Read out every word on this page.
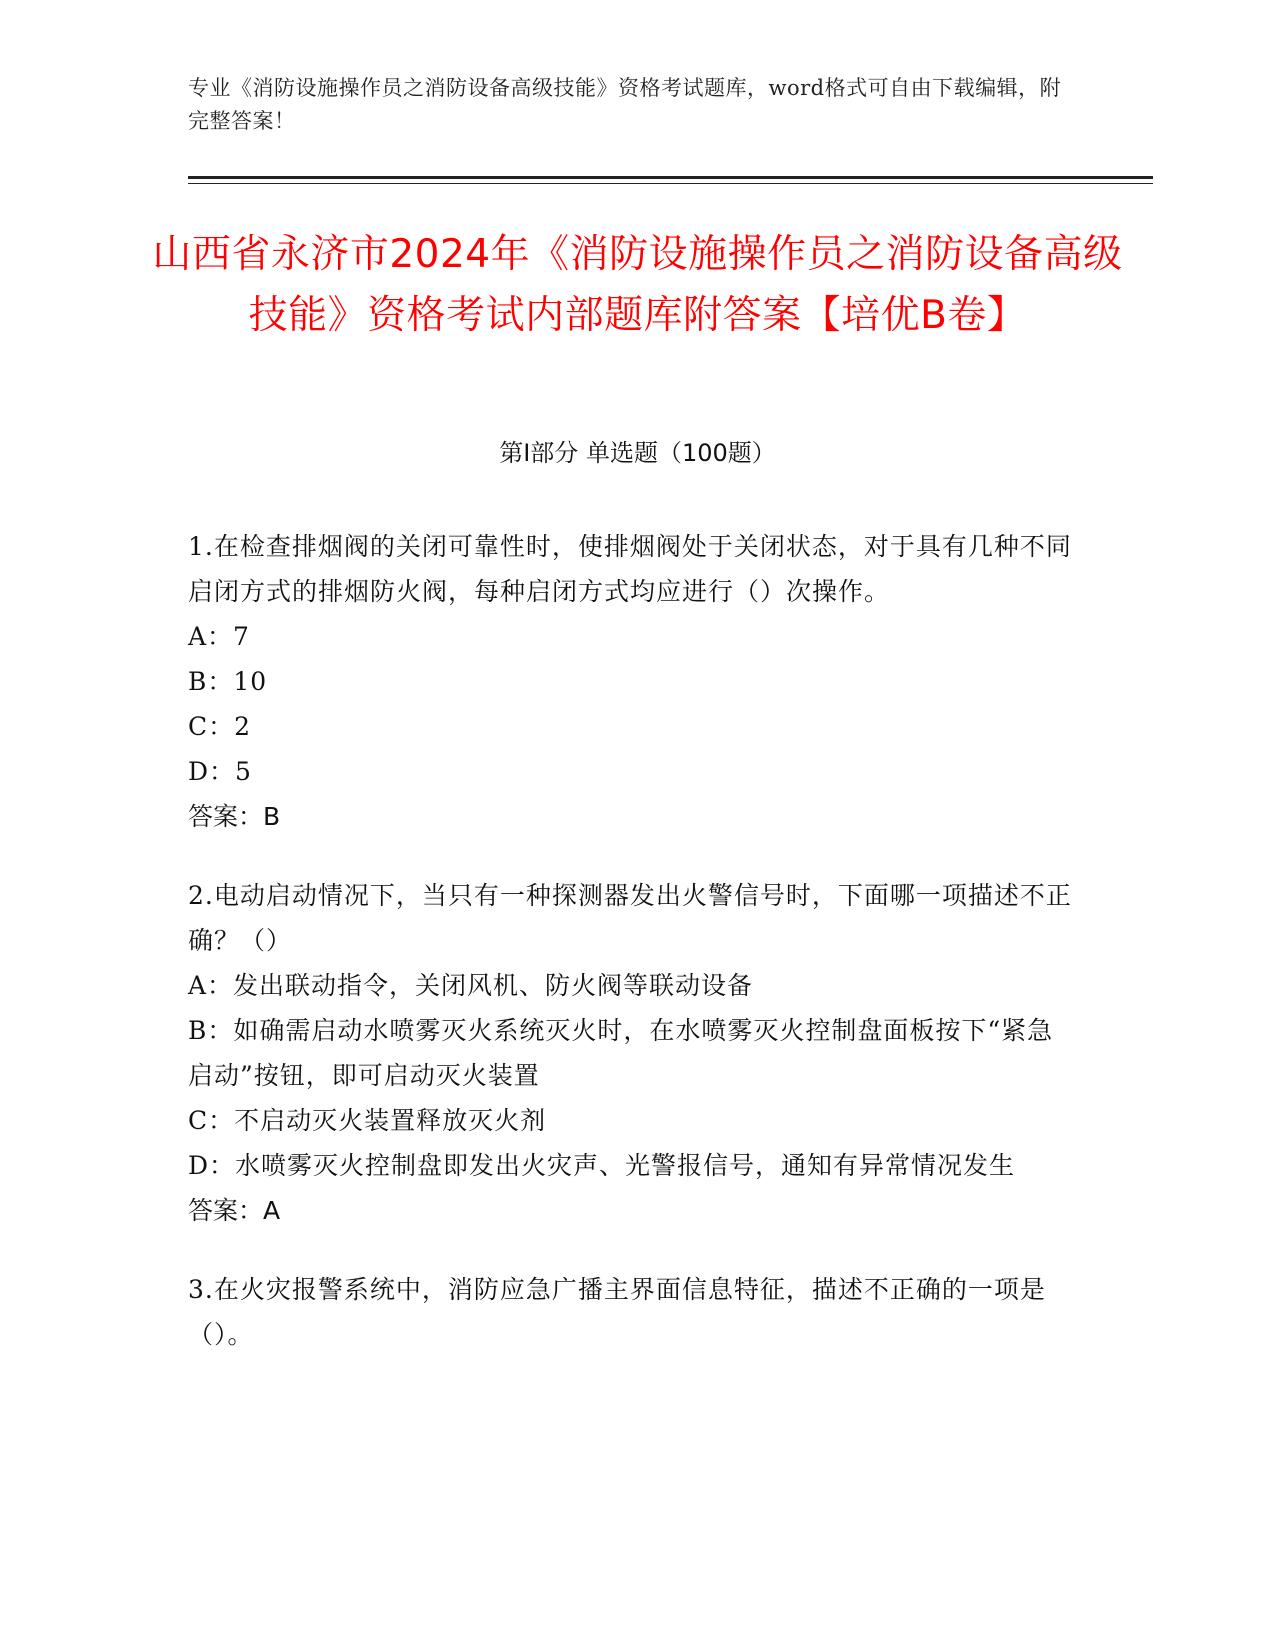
专业《消防设施操作员之消防设备高级技能》资格考试题库，word格式可自由下载编辑，附完整答案！
山西省永济市2024年《消防设施操作员之消防设备高级技能》资格考试内部题库附答案【培优B卷】
第I部分 单选题（100题）

1.在检查排烟阀的关闭可靠性时，使排烟阀处于关闭状态，对于具有几种不同启闭方式的排烟防火阀，每种启闭方式均应进行（）次操作。

A：7

B：10

C：2

D：5

答案：B

2.电动启动情况下，当只有一种探测器发出火警信号时，下面哪一项描述不正确？（）

A：发出联动指令，关闭风机、防火阀等联动设备

B：如确需启动水喷雾灭火系统灭火时，在水喷雾灭火控制盘面板按下“紧急启动”按钮，即可启动灭火装置

C：不启动灭火装置释放灭火剂

D：水喷雾灭火控制盘即发出火灾声、光警报信号，通知有异常情况发生

答案：A

3.在火灾报警系统中，消防应急广播主界面信息特征，描述不正确的一项是（）。
